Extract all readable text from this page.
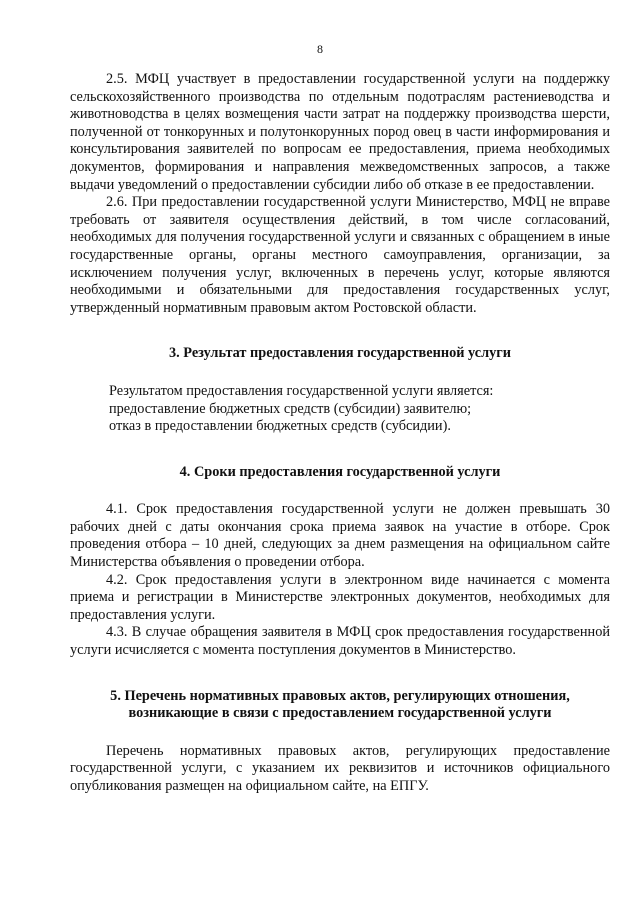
8

2.5. МФЦ участвует в предоставлении государственной услуги на поддержку сельскохозяйственного производства по отдельным подотраслям растениеводства и животноводства в целях возмещения части затрат на поддержку производства шерсти, полученной от тонкорунных и полутонкорунных пород овец в части информирования и консультирования заявителей по вопросам ее предоставления, приема необходимых документов, формирования и направления межведомственных запросов, а также выдачи уведомлений о предоставлении субсидии либо об отказе в ее предоставлении.

2.6. При предоставлении государственной услуги Министерство, МФЦ не вправе требовать от заявителя осуществления действий, в том числе согласований, необходимых для получения государственной услуги и связанных с обращением в иные государственные органы, органы местного самоуправления, организации, за исключением получения услуг, включенных в перечень услуг, которые являются необходимыми и обязательными для предоставления государственных услуг, утвержденный нормативным правовым актом Ростовской области.

3. Результат предоставления государственной услуги
Результатом предоставления государственной услуги является:
предоставление бюджетных средств (субсидии) заявителю;
отказ в предоставлении бюджетных средств (субсидии).
4. Сроки предоставления государственной услуги

4.1. Срок предоставления государственной услуги не должен превышать 30 рабочих дней с даты окончания срока приема заявок на участие в отборе. Срок проведения отбора – 10 дней, следующих за днем размещения на официальном сайте Министерства объявления о проведении отбора.

4.2. Срок предоставления услуги в электронном виде начинается с момента приема и регистрации в Министерстве электронных документов, необходимых для предоставления услуги.

4.3. В случае обращения заявителя в МФЦ срок предоставления государственной услуги исчисляется с момента поступления документов в Министерство.

5. Перечень нормативных правовых актов, регулирующих отношения,
возникающие в связи с предоставлением государственной услуги

Перечень нормативных правовых актов, регулирующих предоставление государственной услуги, с указанием их реквизитов и источников официального опубликования размещен на официальном сайте, на ЕПГУ.
